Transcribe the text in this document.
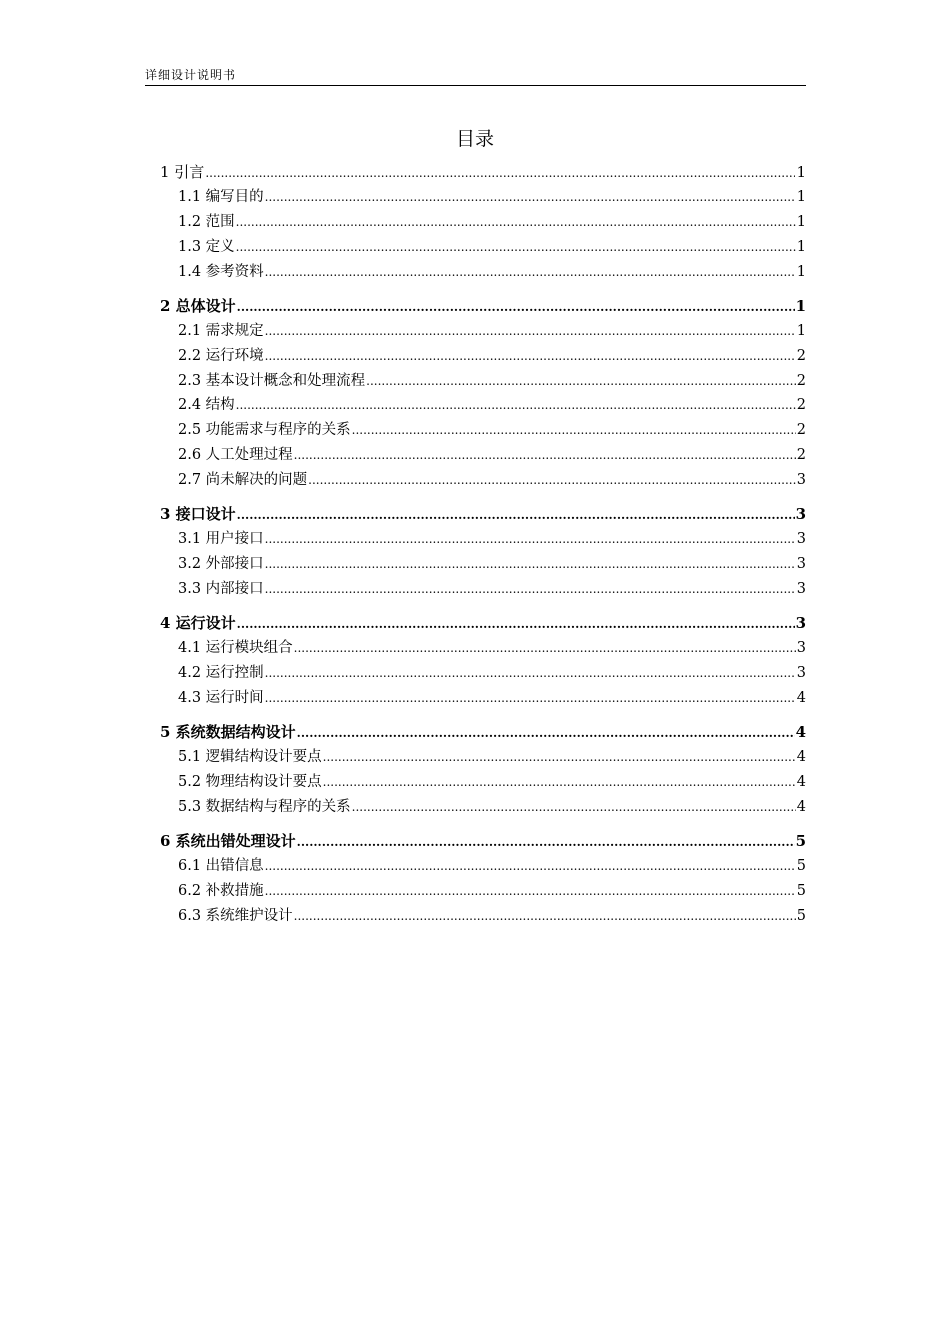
详细设计说明书
目录
1 引言 .....	1
1.1 编写目的 .....	1
1.2 范围 .....	1
1.3 定义 .....	1
1.4 参考资料 .....	1
2 总体设计 .....	1
2.1 需求规定 .....	1
2.2 运行环境 .....	2
2.3 基本设计概念和处理流程 .....	2
2.4 结构 .....	2
2.5 功能需求与程序的关系 .....	2
2.6 人工处理过程 .....	2
2.7 尚未解决的问题 .....	3
3 接口设计 .....	3
3.1 用户接口 .....	3
3.2 外部接口 .....	3
3.3 内部接口 .....	3
4 运行设计 .....	3
4.1 运行模块组合 .....	3
4.2 运行控制 .....	3
4.3 运行时间 .....	4
5 系统数据结构设计 .....	4
5.1 逻辑结构设计要点 .....	4
5.2 物理结构设计要点 .....	4
5.3 数据结构与程序的关系 .....	4
6 系统出错处理设计 .....	5
6.1 出错信息 .....	5
6.2 补救措施 .....	5
6.3 系统维护设计 .....	5
